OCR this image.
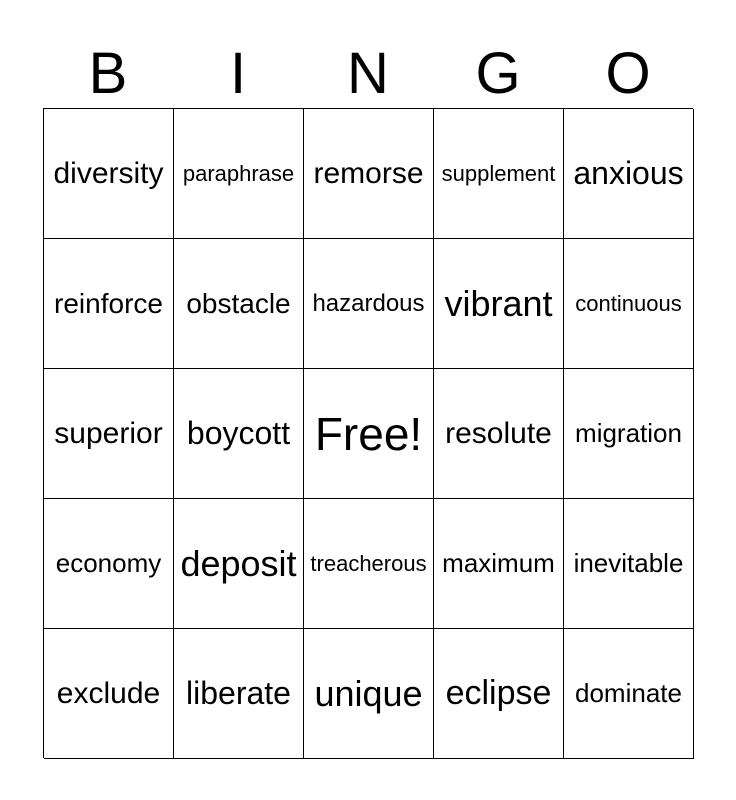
B	I	N	G	O
diversity paraphrase remorse supplement anxious
reinforce obstacle hazardous vibrant	continuous
superior boycott Free! resolute migration
economy deposit treacherous maximum inevitable
exclude liberate unique eclipse dominate
